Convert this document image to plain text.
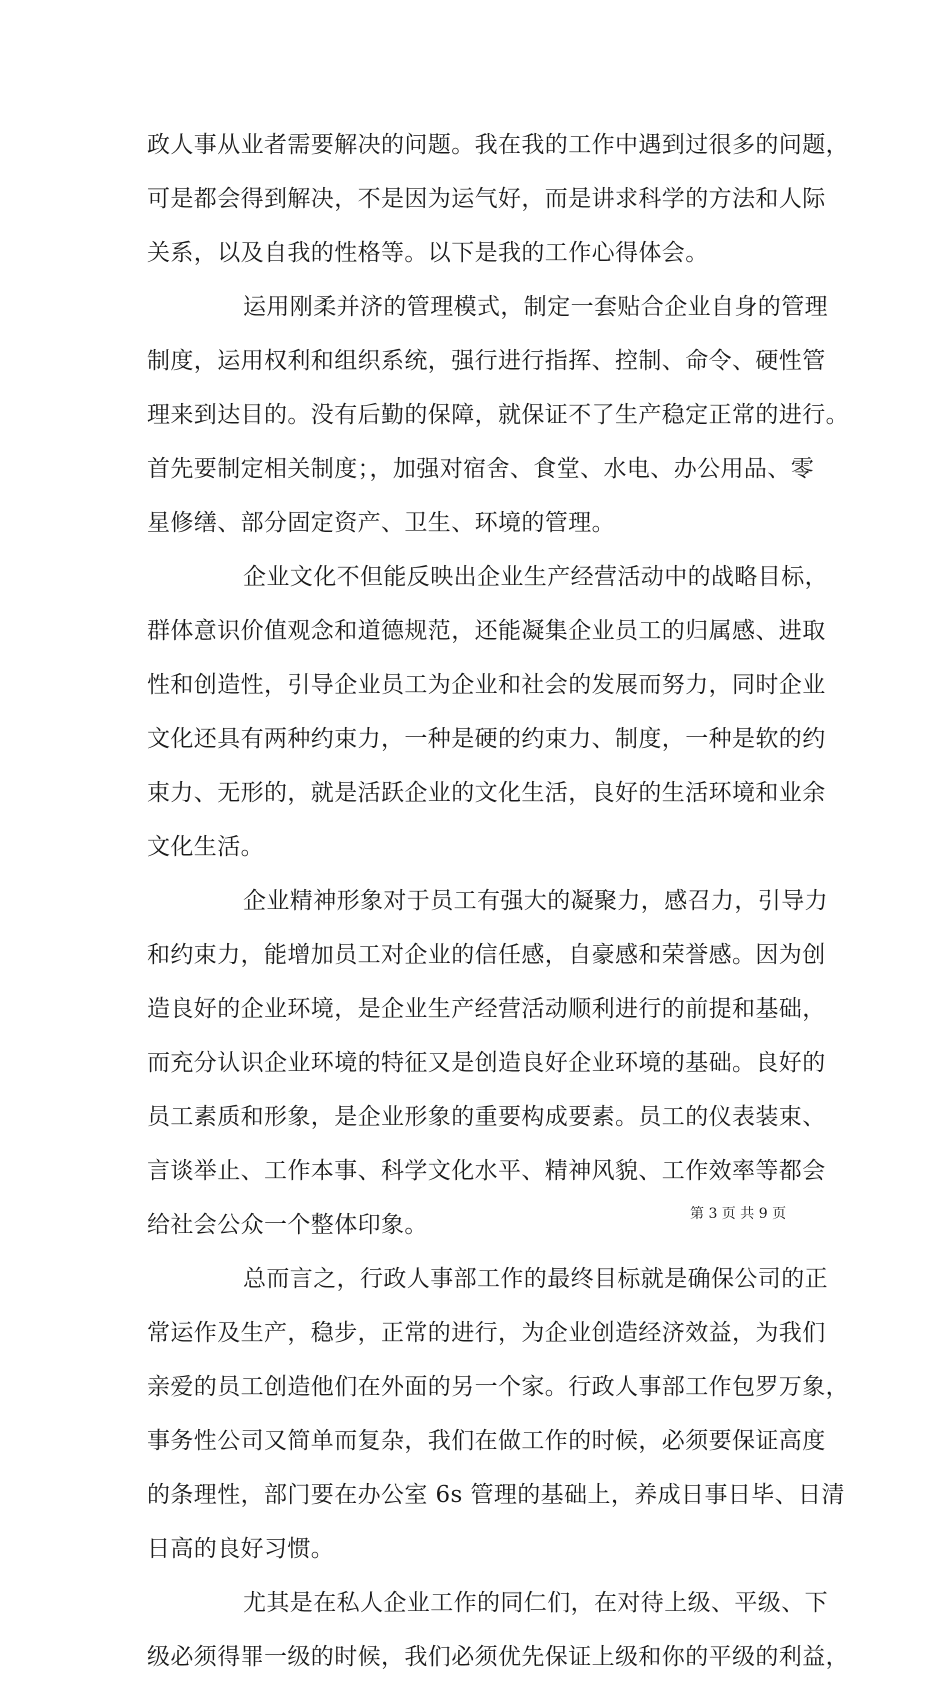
政人事从业者需要解决的问题。我在我的工作中遇到过很多的问题，
可是都会得到解决，不是因为运气好，而是讲求科学的方法和人际
关系，以及自我的性格等。以下是我的工作心得体会。
运用刚柔并济的管理模式，制定一套贴合企业自身的管理
制度，运用权利和组织系统，强行进行指挥、控制、命令、硬性管
理来到达目的。没有后勤的保障，就保证不了生产稳定正常的进行。
首先要制定相关制度；，加强对宿舍、食堂、水电、办公用品、零
星修缮、部分固定资产、卫生、环境的管理。
企业文化不但能反映出企业生产经营活动中的战略目标，
群体意识价值观念和道德规范，还能凝集企业员工的归属感、进取
性和创造性，引导企业员工为企业和社会的发展而努力，同时企业
文化还具有两种约束力，一种是硬的约束力、制度，一种是软的约
束力、无形的，就是活跃企业的文化生活，良好的生活环境和业余
文化生活。
企业精神形象对于员工有强大的凝聚力，感召力，引导力
和约束力，能增加员工对企业的信任感，自豪感和荣誉感。因为创
造良好的企业环境，是企业生产经营活动顺利进行的前提和基础，
而充分认识企业环境的特征又是创造良好企业环境的基础。良好的
员工素质和形象，是企业形象的重要构成要素。员工的仪表装束、
言谈举止、工作本事、科学文化水平、精神风貌、工作效率等都会
给社会公众一个整体印象。
总而言之，行政人事部工作的最终目标就是确保公司的正
常运作及生产，稳步，正常的进行，为企业创造经济效益，为我们
亲爱的员工创造他们在外面的另一个家。行政人事部工作包罗万象，
事务性公司又简单而复杂，我们在做工作的时候，必须要保证高度
的条理性，部门要在办公室 6s 管理的基础上，养成日事日毕、日清
日高的良好习惯。
尤其是在私人企业工作的同仁们，在对待上级、平级、下
级必须得罪一级的时候，我们必须优先保证上级和你的平级的利益，
第 3 页 共 9 页
